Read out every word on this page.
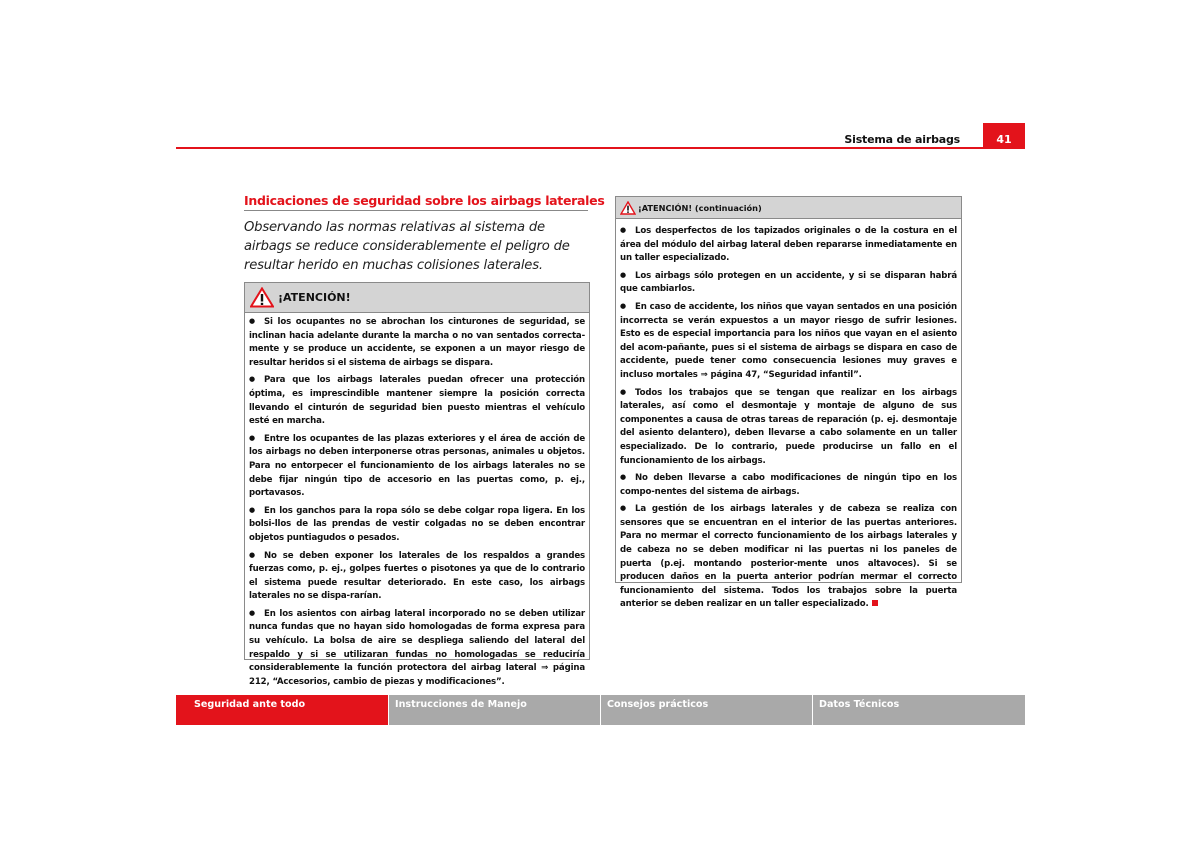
Sistema de airbags	41
Indicaciones de seguridad sobre los airbags laterales
Observando las normas relativas al sistema de airbags se reduce considerablemente el peligro de resultar herido en muchas colisiones laterales.
¡ATENCIÓN!

●Si los ocupantes no se abrochan los cinturones de seguridad, se inclinan hacia adelante durante la marcha o no van sentados correcta-mente y se produce un accidente, se exponen a un mayor riesgo de resultar heridos si el sistema de airbags se dispara.

●Para que los airbags laterales puedan ofrecer una protección óptima, es imprescindible mantener siempre la posición correcta llevando el cinturón de seguridad bien puesto mientras el vehículo esté en marcha.

●Entre los ocupantes de las plazas exteriores y el área de acción de los airbags no deben interponerse otras personas, animales u objetos. Para no entorpecer el funcionamiento de los airbags laterales no se debe fijar ningún tipo de accesorio en las puertas como, p. ej., portavasos.

●En los ganchos para la ropa sólo se debe colgar ropa ligera. En los bolsi-llos de las prendas de vestir colgadas no se deben encontrar objetos puntiagudos o pesados.

●No se deben exponer los laterales de los respaldos a grandes fuerzas como, p. ej., golpes fuertes o pisotones ya que de lo contrario el sistema puede resultar deteriorado. En este caso, los airbags laterales no se dispa-rarían.

●En los asientos con airbag lateral incorporado no se deben utilizar nunca fundas que no hayan sido homologadas de forma expresa para su vehículo. La bolsa de aire se despliega saliendo del lateral del respaldo y si se utilizaran fundas no homologadas se reduciría considerablemente la función protectora del airbag lateral ⇒ página 212, “Accesorios, cambio de piezas y modificaciones”.

¡ATENCIÓN! (continuación)

●Los desperfectos de los tapizados originales o de la costura en el área del módulo del airbag lateral deben repararse inmediatamente en un taller especializado.

●Los airbags sólo protegen en un accidente, y si se disparan habrá que cambiarlos.

●En caso de accidente, los niños que vayan sentados en una posición incorrecta se verán expuestos a un mayor riesgo de sufrir lesiones. Esto es de especial importancia para los niños que vayan en el asiento del acom-pañante, pues si el sistema de airbags se dispara en caso de accidente, puede tener como consecuencia lesiones muy graves e incluso mortales ⇒ página 47, “Seguridad infantil”.

●Todos los trabajos que se tengan que realizar en los airbags laterales, así como el desmontaje y montaje de alguno de sus componentes a causa de otras tareas de reparación (p. ej. desmontaje del asiento delantero), deben llevarse a cabo solamente en un taller especializado. De lo contrario, puede producirse un fallo en el funcionamiento de los airbags.

●No deben llevarse a cabo modificaciones de ningún tipo en los compo-nentes del sistema de airbags.

●La gestión de los airbags laterales y de cabeza se realiza con sensores que se encuentran en el interior de las puertas anteriores. Para no mermar el correcto funcionamiento de los airbags laterales y de cabeza no se deben modificar ni las puertas ni los paneles de puerta (p.ej. montando posterior-mente unos altavoces). Si se producen daños en la puerta anterior podrían mermar el correcto funcionamiento del sistema. Todos los trabajos sobre la puerta anterior se deben realizar en un taller especializado.

Seguridad ante todo	Instrucciones de Manejo	Consejos prácticos	Datos Técnicos
